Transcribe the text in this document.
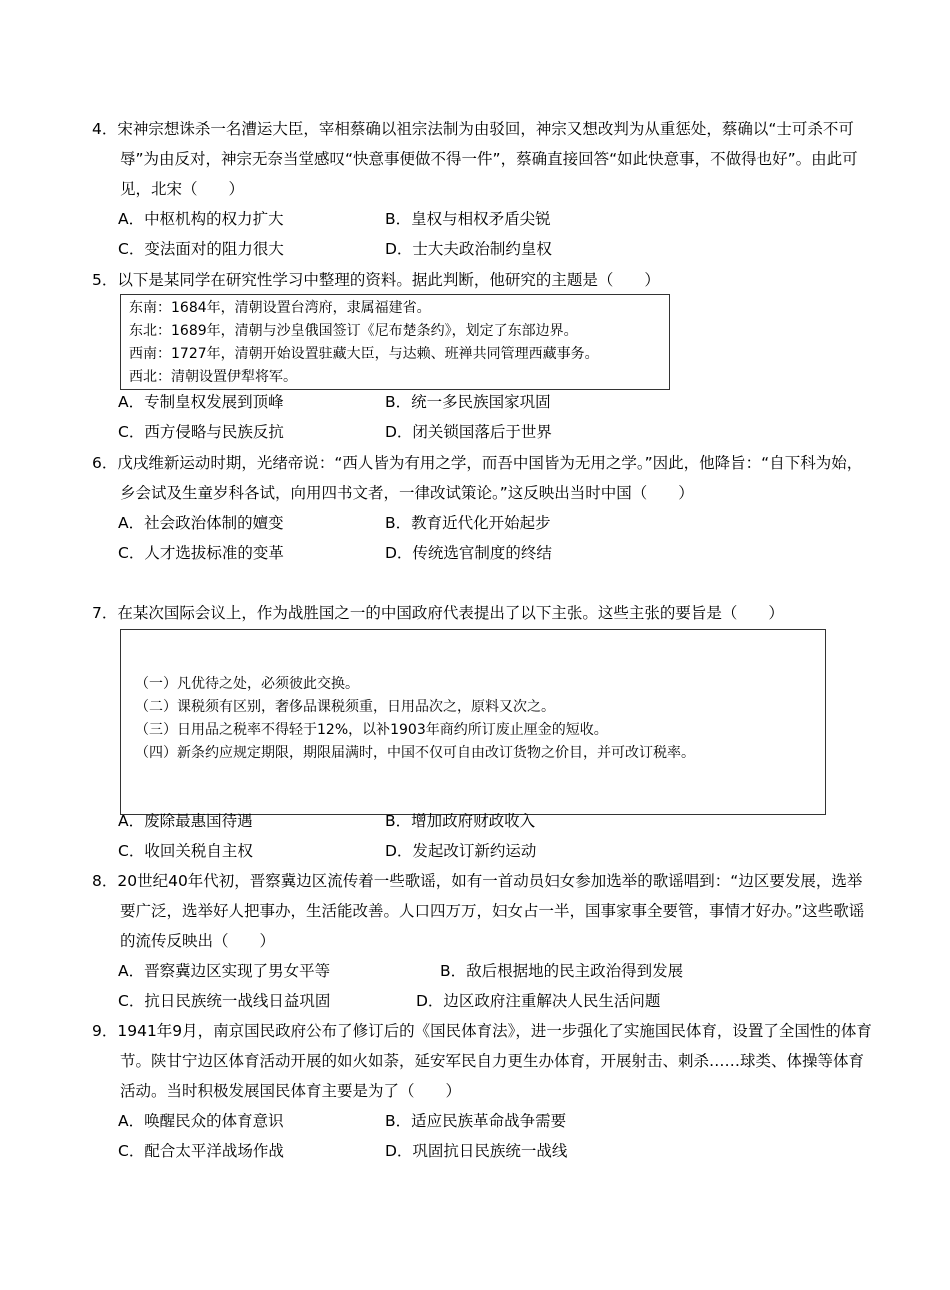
4．宋神宗想诛杀一名漕运大臣，宰相蔡确以祖宗法制为由驳回，神宗又想改判为从重惩处，蔡确以“士可杀不可辱”为由反对，神宗无奈当堂感叹“快意事便做不得一件”，蔡确直接回答“如此快意事，不做得也好”。由此可见，北宋（　　）

A．中枢机构的权力扩大	B．皇权与相权矛盾尖锐
C．变法面对的阻力很大	D．士大夫政治制约皇权

5．以下是某同学在研究性学习中整理的资料。据此判断，他研究的主题是（　　）

东南：1684年，清朝设置台湾府，隶属福建省。

东北：1689年，清朝与沙皇俄国签订《尼布楚条约》，划定了东部边界。

西南：1727年，清朝开始设置驻藏大臣，与达赖、班禅共同管理西藏事务。

西北：清朝设置伊犁将军。

A．专制皇权发展到顶峰	B．统一多民族国家巩固
C．西方侵略与民族反抗	D．闭关锁国落后于世界

6．戊戌维新运动时期，光绪帝说：“西人皆为有用之学，而吾中国皆为无用之学。”因此，他降旨：“自下科为始，乡会试及生童岁科各试，向用四书文者，一律改试策论。”这反映出当时中国（　　）

A．社会政治体制的嬗变	B．教育近代化开始起步
C．人才选拔标准的变革	D．传统选官制度的终结

7．在某次国际会议上，作为战胜国之一的中国政府代表提出了以下主张。这些主张的要旨是（　　）

（一）凡优待之处，必须彼此交换。

（二）课税须有区别，奢侈品课税须重，日用品次之，原料又次之。

（三）日用品之税率不得轻于12%，以补1903年商约所订废止厘金的短收。

（四）新条约应规定期限，期限届满时，中国不仅可自由改订货物之价目，并可改订税率。

A．废除最惠国待遇	B．增加政府财政收入
C．收回关税自主权	D．发起改订新约运动

8．20世纪40年代初，晋察冀边区流传着一些歌谣，如有一首动员妇女参加选举的歌谣唱到：“边区要发展，选举要广泛，选举好人把事办，生活能改善。人口四万万，妇女占一半，国事家事全要管，事情才好办。”这些歌谣的流传反映出（　　）

A．晋察冀边区实现了男女平等	B．敌后根据地的民主政治得到发展
C．抗日民族统一战线日益巩固	D．边区政府注重解决人民生活问题

9．1941年9月，南京国民政府公布了修订后的《国民体育法》，进一步强化了实施国民体育，设置了全国性的体育节。陕甘宁边区体育活动开展的如火如荼，延安军民自力更生办体育，开展射击、刺杀……球类、体操等体育活动。当时积极发展国民体育主要是为了（　　）

A．唤醒民众的体育意识	B．适应民族革命战争需要
C．配合太平洋战场作战	D．巩固抗日民族统一战线
